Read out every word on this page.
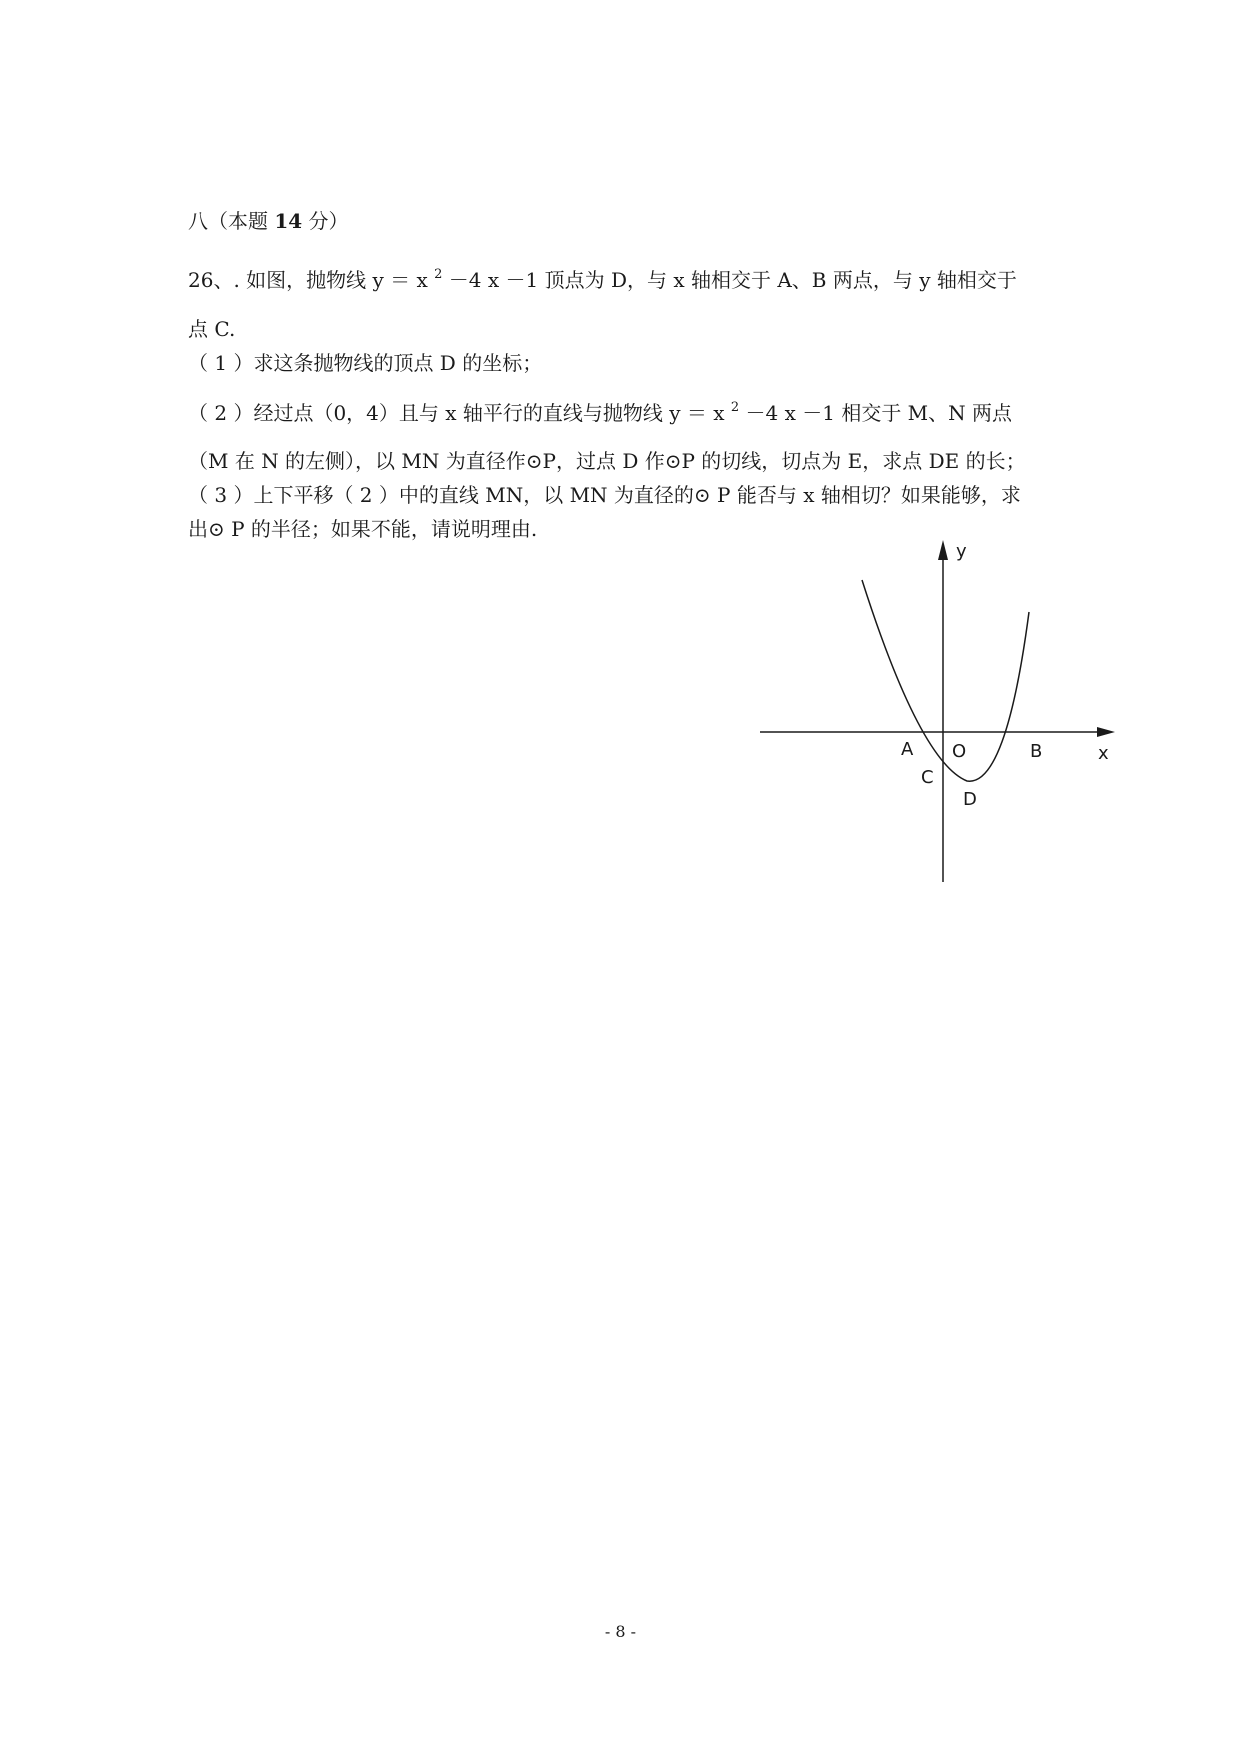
八（本题 14 分）
26、. 如图，抛物线 y ＝ x $^2$ －4 x －1 顶点为 D，与 x 轴相交于 A、B 两点，与 y 轴相交于
点 C.
（ 1 ）求这条抛物线的顶点 D 的坐标；
（ 2 ）经过点（0，4）且与 x 轴平行的直线与抛物线 y ＝ x $^2$ －4 x －1 相交于 M、N 两点
（M 在 N 的左侧），以 MN 为直径作⊙P，过点 D 作⊙P 的切线，切点为 E，求点 DE 的长；
（ 3 ）上下平移（ 2 ）中的直线 MN，以 MN 为直径的⊙ P 能否与 x 轴相切？如果能够，求
出⊙ P 的半径；如果不能，请说明理由.
y
x
O
A	B
C
D
- 8 -
